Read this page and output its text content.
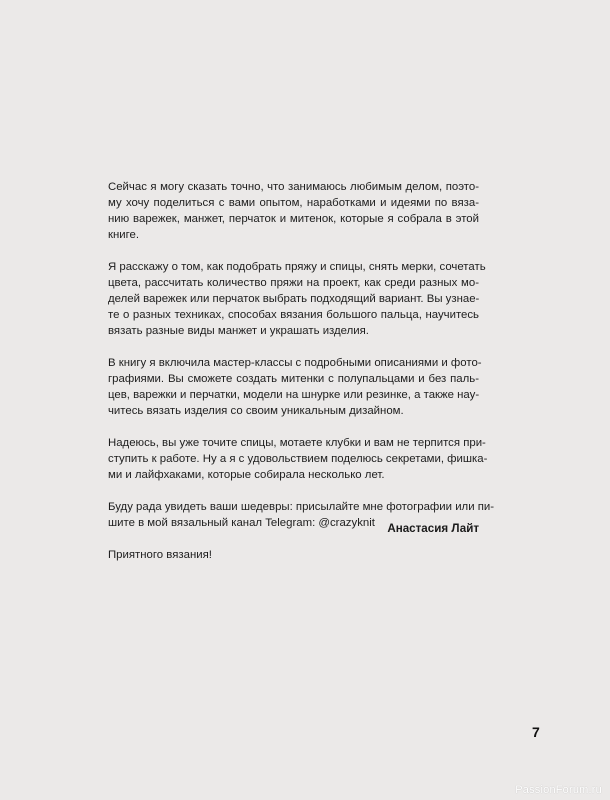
Сейчас я могу сказать точно, что занимаюсь любимым делом, поэто-
му хочу поделиться с вами опытом, наработками и идеями по вяза-
нию варежек, манжет, перчаток и митенок, которые я собрала в этой
книге.

Я расскажу о том, как подобрать пряжу и спицы, снять мерки, сочетать
цвета, рассчитать количество пряжи на проект, как среди разных мо-
делей варежек или перчаток выбрать подходящий вариант. Вы узнае-
те о разных техниках, способах вязания большого пальца, научитесь
вязать разные виды манжет и украшать изделия.

В книгу я включила мастер-классы с подробными описаниями и фото-
графиями. Вы сможете создать митенки с полупальцами и без паль-
цев, варежки и перчатки, модели на шнурке или резинке, а также нау-
читесь вязать изделия со своим уникальным дизайном.

Надеюсь, вы уже точите спицы, мотаете клубки и вам не терпится при-
ступить к работе. Ну а я с удовольствием поделюсь секретами, фишка-
ми и лайфхаками, которые собирала несколько лет.

Буду рада увидеть ваши шедевры: присылайте мне фотографии или пи-
шите в мой вязальный канал Telegram: @crazyknit

Приятного вязания!

Анастасия Лайт
7
PassionForum.ru
